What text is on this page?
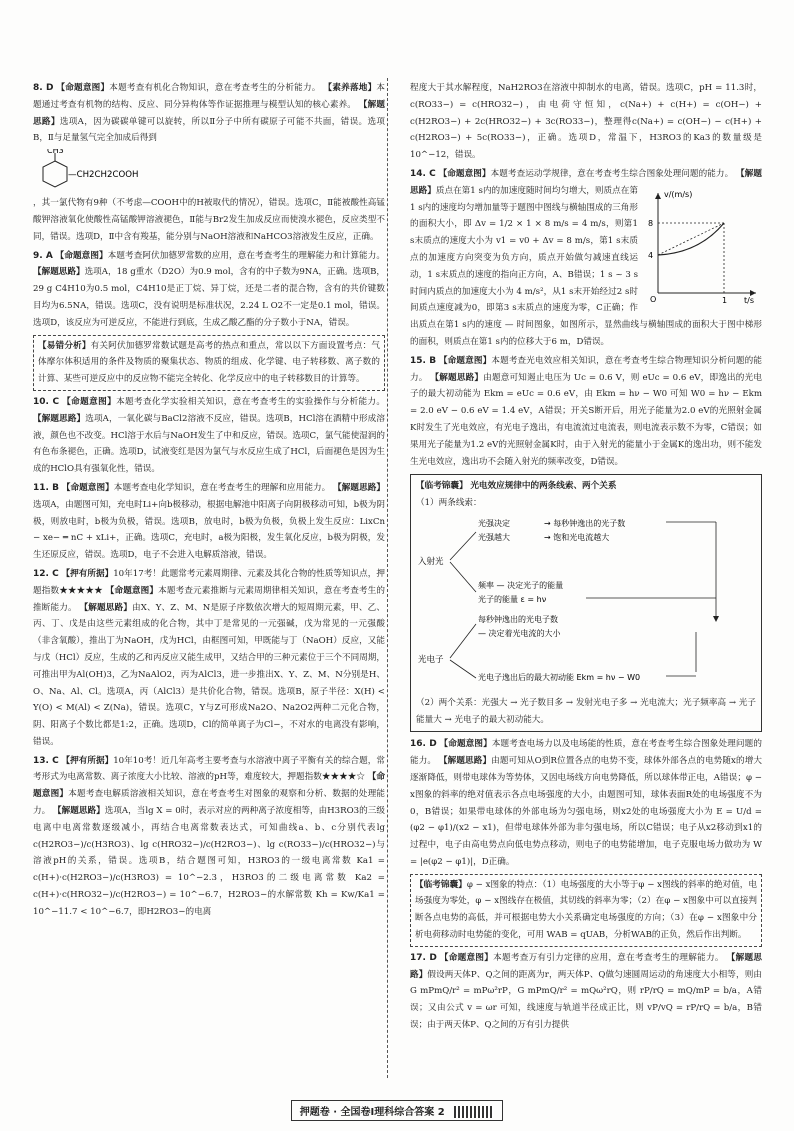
8. D 【命题意图】本题考查有机化合物知识，意在考查考生的分析能力。 【素养落地】本题通过考查有机物的结构、反应、同分异构体等作证据推理与模型认知的核心素养。 【解题思路】选项A，因为碳碳单键可以旋转，所以Ⅱ分子中所有碳原子可能不共面，错误。选项B，Ⅱ与足量氢气完全加成后得到
CH3
—CH2CH2COOH
，其一氯代物有9种（不考虑—COOH中的H被取代的情况），错误。选项C，Ⅱ能被酸性高锰酸钾溶液氧化使酸性高锰酸钾溶液褪色，Ⅱ能与Br2发生加成反应而使溴水褪色，反应类型不同，错误。选项D，Ⅱ中含有羧基，能分别与NaOH溶液和NaHCO3溶液发生反应，正确。
9. A 【命题意图】本题考查阿伏加德罗常数的应用，意在考查考生的理解能力和计算能力。 【解题思路】选项A，18 g重水（D2O）为0.9 mol，含有的中子数为9NA，正确。选项B，29 g C4H10为0.5 mol，C4H10是正丁烷、异丁烷，还是二者的混合物，含有的共价键数目均为6.5NA，错误。选项C，没有说明是标准状况，2.24 L O2不一定是0.1 mol，错误。选项D，该反应为可逆反应，不能进行到底，生成乙酸乙酯的分子数小于NA，错误。
【易错分析】有关阿伏加德罗常数试题是高考的热点和重点，常以以下方面设置考点：气体摩尔体积适用的条件及物质的聚集状态、物质的组成、化学键、电子转移数、离子数的计算、某些可逆反应中的反应物不能完全转化、化学反应中的电子转移数目的计算等。
10. C 【命题意图】本题考查化学实验相关知识，意在考查考生的实验操作与分析能力。 【解题思路】选项A，一氧化碳与BaCl2溶液不反应，错误。选项B，HCl溶在酒精中形成溶液，颜色也不改变。HCl溶于水后与NaOH发生了中和反应，错误。选项C，氯气能使湿润的有色布条褪色，正确。选项D，试液变红是因为氯气与水反应生成了HCl，后面褪色是因为生成的HClO具有强氧化性，错误。
11. B 【命题意图】本题考查电化学知识，意在考查考生的理解和应用能力。 【解题思路】选项A，由题图可知，充电时Li+向b极移动，根据电解池中阳离子向阴极移动可知，b极为阴极，则放电时，b极为负极，错误。选项B，放电时，b极为负极，负极上发生反应：LixCn − xe− ═ nC + xLi+，正确。选项C，充电时，a极为阳极，发生氧化反应，b极为阴极，发生还原反应，错误。选项D，电子不会进入电解质溶液，错误。
12. C 【押有所据】10年17考！此题常考元素周期律、元素及其化合物的性质等知识点，押题指数★★★★★ 【命题意图】本题考查元素推断与元素周期律相关知识，意在考查考生的推断能力。 【解题思路】由X、Y、Z、M、N是原子序数依次增大的短周期元素，甲、乙、丙、丁、戊是由这些元素组成的化合物，其中丁是常见的一元强碱，戊为常见的一元强酸（非含氧酸），推出丁为NaOH，戊为HCl，由框图可知，甲既能与丁（NaOH）反应，又能与戊（HCl）反应，生成的乙和丙反应又能生成甲，又结合甲的三种元素位于三个不同周期，可推出甲为Al(OH)3，乙为NaAlO2，丙为AlCl3，进一步推出X、Y、Z、M、N分别是H、O、Na、Al、Cl。选项A，丙（AlCl3）是共价化合物，错误。选项B，原子半径：X(H) < Y(O) < M(Al) < Z(Na)，错误。选项C，Y与Z可形成Na2O、Na2O2两种二元化合物，阴、阳离子个数比都是1:2，正确。选项D，Cl的简单离子为Cl−，不对水的电离没有影响，错误。
13. C 【押有所据】10年10考！近几年高考主要考查与水溶液中离子平衡有关的综合题，常考形式为电离常数、离子浓度大小比较、溶液的pH等，难度较大，押题指数★★★★☆ 【命题意图】本题考查电解质溶液相关知识，意在考查考生对图象的观察和分析、数据的处理能力。 【解题思路】选项A，当lg X = 0时，表示对应的两种离子浓度相等，由H3RO3的三级电离中电离常数逐级减小，再结合电离常数表达式，可知曲线a、b、c分别代表lg c(H2RO3−)/c(H3RO3)、lg c(HRO32−)/c(H2RO3−)、lg c(RO33−)/c(HRO32−)与溶液pH的关系，错误。选项B，结合题图可知，H3RO3的一级电离常数 Ka1 = c(H+)·c(H2RO3−)/c(H3RO3) = 10^−2.3，H3RO3的二级电离常数 Ka2 = c(H+)·c(HRO32−)/c(H2RO3−) = 10^−6.7，H2RO3−的水解常数 Kh = Kw/Ka1 = 10^−11.7 < 10^−6.7，即H2RO3−的电离
程度大于其水解程度，NaH2RO3在溶液中抑制水的电离，错误。选项C，pH = 11.3时，c(RO33−) = c(HRO32−)，由电荷守恒知，c(Na+) + c(H+) = c(OH−) + c(H2RO3−) + 2c(HRO32−) + 3c(RO33−)，整理得c(Na+) = c(OH−) − c(H+) + c(H2RO3−) + 5c(RO33−)，正确。选项D，常温下，H3RO3的Ka3的数量级是10^−12，错误。
14. C 【命题意图】本题考查运动学规律，意在考查考生综合图象处理问题的能力。
v/(m/s)
t/s
8
4
O	1
【解题思路】质点在第1 s内的加速度随时间均匀增大，则质点在第1 s内的速度均匀增加量等于题图中图线与横轴围成的三角形的面积大小，即 Δv = 1/2 × 1 × 8 m/s = 4 m/s，则第1 s末质点的速度大小为 v1 = v0 + Δv = 8 m/s，第1 s末质点的加速度方向突变为负方向，质点开始做匀减速直线运动，1 s末质点的速度的指向正方向，A、B错误；1 s ~ 3 s时间内质点的加速度大小为 4 m/s²，从1 s末开始经过2 s时间质点速度减为0，即第3 s末质点的速度为零，C正确；作出质点在第1 s内的速度 — 时间图象，如图所示，显然曲线与横轴围成的面积大于图中梯形的面积，则质点在第1 s内的位移大于6 m，D错误。
15. B 【命题意图】本题考查光电效应相关知识，意在考查考生综合物理知识分析问题的能力。 【解题思路】由题意可知遏止电压为 Uc = 0.6 V，则 eUc = 0.6 eV，即逸出的光电子的最大初动能为 Ekm = eUc = 0.6 eV，由 Ekm = hν − W0 可知 W0 = hν − Ekm = 2.0 eV − 0.6 eV = 1.4 eV，A错误；开关S断开后，用光子能量为2.0 eV的光照射金属K时发生了光电效应，有光电子逸出，有电流流过电流表，则电流表示数不为零，C错误；如果用光子能量为1.2 eV的光照射金属K时，由于入射光的能量小于金属K的逸出功，则不能发生光电效应，逸出功不会随入射光的频率改变，D错误。
【临考锦囊】 光电效应规律中的两条线索、两个关系
（1）两条线索：
入射光
光电子
光强决定	→ 每秒钟逸出的光子数
光强越大	→ 饱和光电流越大
频率 — 决定光子的能量
光子的能量 ε = hν
每秒钟逸出的光电子数
— 决定着光电流的大小
光电子逸出后的最大初动能 Ekm = hν − W0
（2）两个关系：光强大 → 光子数目多 → 发射光电子多 → 光电流大；光子频率高 → 光子能量大 → 光电子的最大初动能大。
16. D 【命题意图】本题考查电场力以及电场能的性质，意在考查考生综合图象处理问题的能力。 【解题思路】由题可知从O到R位置各点的电势不变，球体外部各点的电势随x的增大逐渐降低，则带电球体为等势体，又因电场线方向电势降低，所以球体带正电，A错误；φ − x图象的斜率的绝对值表示各点电场强度的大小，由题图可知，球体表面R处的电场强度不为0，B错误；如果带电球体的外部电场为匀强电场，则x2处的电场强度大小为 E = U/d = (φ2 − φ1)/(x2 − x1)，但带电球体外部为非匀强电场，所以C错误；电子从x2移动到x1的过程中，电子由高电势点向低电势点移动，则电子的电势能增加，电子克服电场力做功为 W = |e(φ2 − φ1)|，D正确。
【临考锦囊】φ − x图象的特点：（1）电场强度的大小等于φ − x图线的斜率的绝对值，电场强度为零处，φ − x图线存在极值，其切线的斜率为零；（2）在φ − x图象中可以直接判断各点电势的高低，并可根据电势大小关系确定电场强度的方向；（3）在φ − x图象中分析电荷移动时电势能的变化，可用 WAB = qUAB，分析WAB的正负，然后作出判断。
17. D 【命题意图】本题考查万有引力定律的应用，意在考查考生的理解能力。 【解题思路】假设两天体P、Q之间的距离为r，两天体P、Q做匀速圆周运动的角速度大小相等，则由 G mPmQ/r² = mPω²rP，G mPmQ/r² = mQω²rQ，则 rP/rQ = mQ/mP = b/a，A错误；又由公式 v = ωr 可知，线速度与轨道半径成正比，则 vP/vQ = rP/rQ = b/a，B错误；由于两天体P、Q之间的万有引力提供
押题卷 · 全国卷Ⅰ理科综合答案 2
